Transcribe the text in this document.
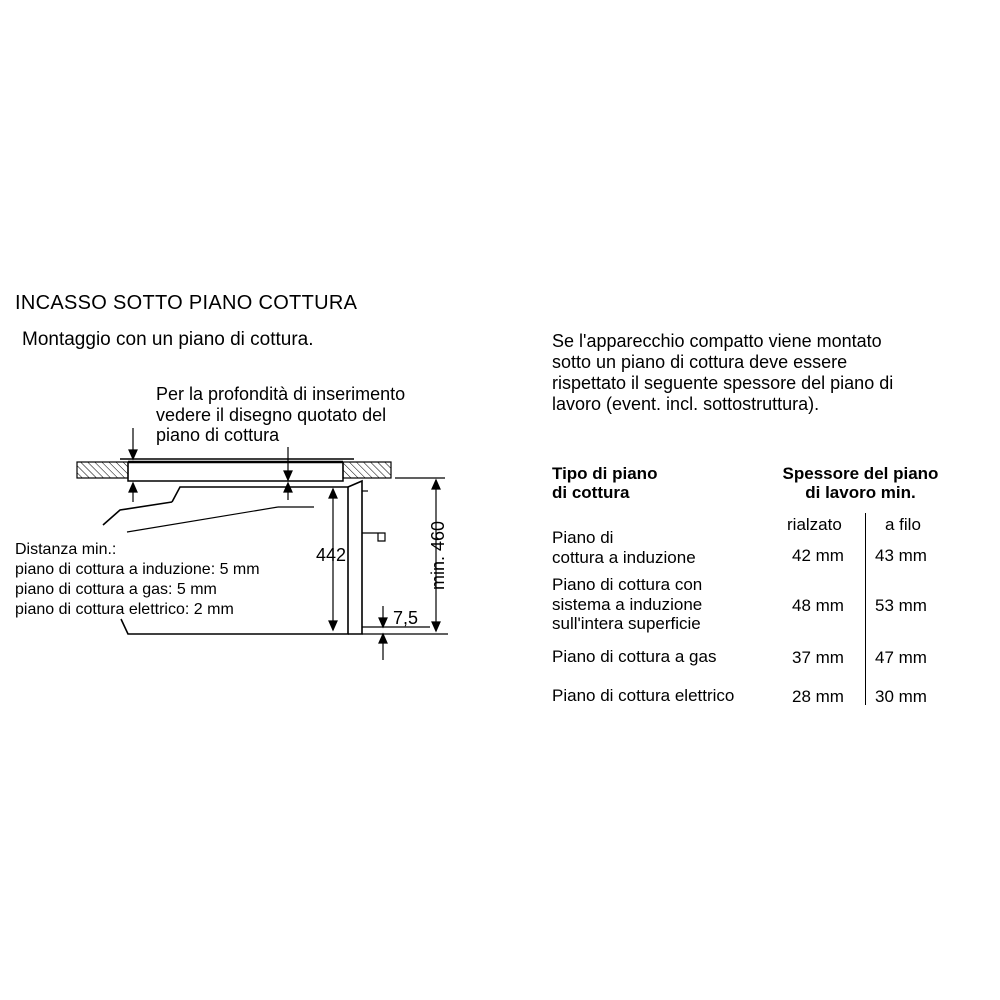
INCASSO SOTTO PIANO COTTURA
Montaggio con un piano di cottura.
442	min. 460
7,5
Per la profondità di inserimento
vedere il disegno quotato del
piano di cottura
Distanza min.:
piano di cottura a induzione: 5 mm
piano di cottura a gas: 5 mm
piano di cottura elettrico: 2 mm
Se l'apparecchio compatto viene montato
sotto un piano di cottura deve essere
rispettato il seguente spessore del piano di
lavoro (event. incl. sottostruttura).
Tipo di piano
di cottura
Spessore del piano
di lavoro min.
rialzato	a filo
Piano di
cottura a induzione	42 mm 43 mm
Piano di cottura con
sistema a induzione
sull'intera superficie
48 mm 53 mm
Piano di cottura a gas	37 mm 47 mm
Piano di cottura elettrico	28 mm 30 mm
